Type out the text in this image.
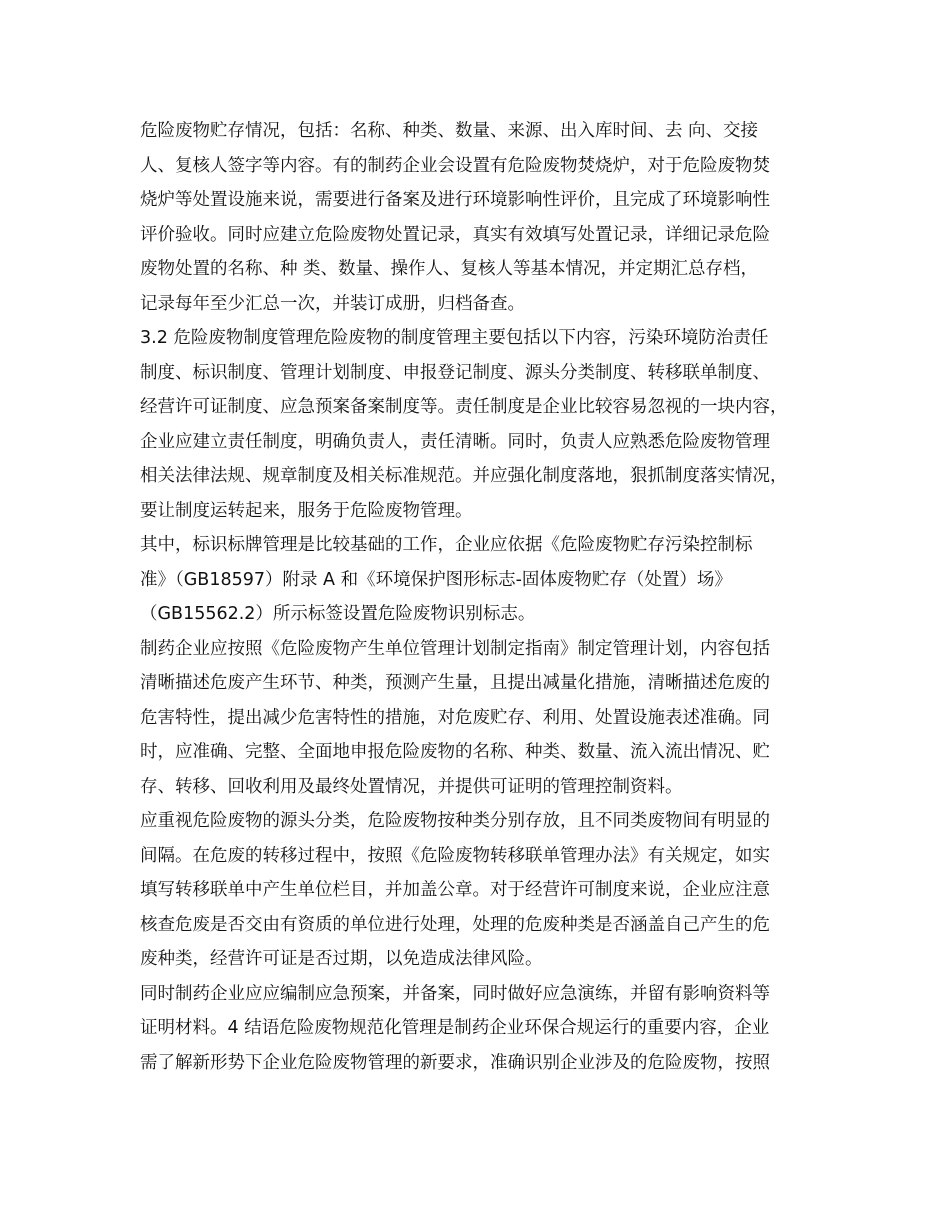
危险废物贮存情况，包括：名称、种类、数量、来源、出入库时间、去 向、交接
人、复核人签字等内容。有的制药企业会设置有危险废物焚烧炉，对于危险废物焚
烧炉等处置设施来说，需要进行备案及进行环境影响性评价，且完成了环境影响性
评价验收。同时应建立危险废物处置记录，真实有效填写处置记录，详细记录危险
废物处置的名称、种 类、数量、操作人、复核人等基本情况，并定期汇总存档，
记录每年至少汇总一次，并装订成册，归档备查。
3.2 危险废物制度管理危险废物的制度管理主要包括以下内容，污染环境防治责任
制度、标识制度、管理计划制度、申报登记制度、源头分类制度、转移联单制度、
经营许可证制度、应急预案备案制度等。责任制度是企业比较容易忽视的一块内容，
企业应建立责任制度，明确负责人，责任清晰。同时，负责人应熟悉危险废物管理
相关法律法规、规章制度及相关标准规范。并应强化制度落地，狠抓制度落实情况，
要让制度运转起来，服务于危险废物管理。
其中，标识标牌管理是比较基础的工作，企业应依据《危险废物贮存污染控制标
准》（GB18597）附录 A 和《环境保护图形标志-固体废物贮存（处置）场》
（GB15562.2）所示标签设置危险废物识别标志。
制药企业应按照《危险废物产生单位管理计划制定指南》制定管理计划，内容包括
清晰描述危废产生环节、种类，预测产生量，且提出减量化措施，清晰描述危废的
危害特性，提出减少危害特性的措施，对危废贮存、利用、处置设施表述准确。同
时，应准确、完整、全面地申报危险废物的名称、种类、数量、流入流出情况、贮
存、转移、回收利用及最终处置情况，并提供可证明的管理控制资料。
应重视危险废物的源头分类，危险废物按种类分别存放，且不同类废物间有明显的
间隔。在危废的转移过程中，按照《危险废物转移联单管理办法》有关规定，如实
填写转移联单中产生单位栏目，并加盖公章。对于经营许可制度来说，企业应注意
核查危废是否交由有资质的单位进行处理，处理的危废种类是否涵盖自己产生的危
废种类，经营许可证是否过期，以免造成法律风险。
同时制药企业应应编制应急预案，并备案，同时做好应急演练，并留有影响资料等
证明材料。4 结语危险废物规范化管理是制药企业环保合规运行的重要内容，企业
需了解新形势下企业危险废物管理的新要求，准确识别企业涉及的危险废物，按照
